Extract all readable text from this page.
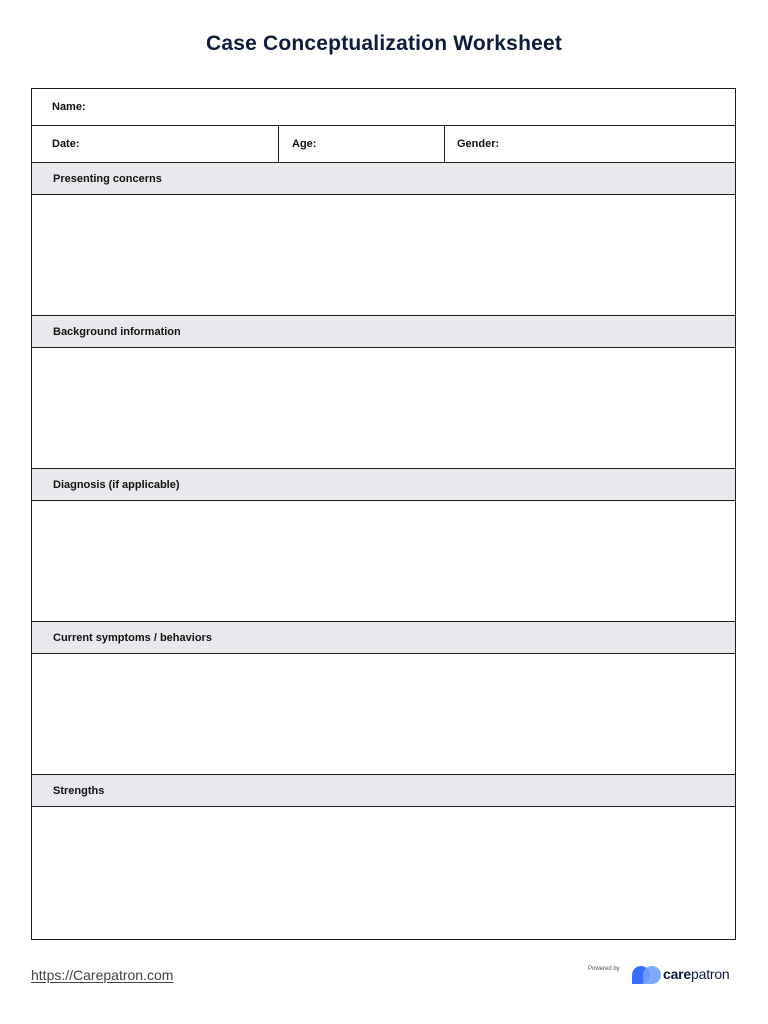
Case Conceptualization Worksheet
Name:
Date:	Age:	Gender:
Presenting concerns
Background information
Diagnosis (if applicable)
Current symptoms / behaviors
Strengths
https://Carepatron.com	Powered by	carepatron
